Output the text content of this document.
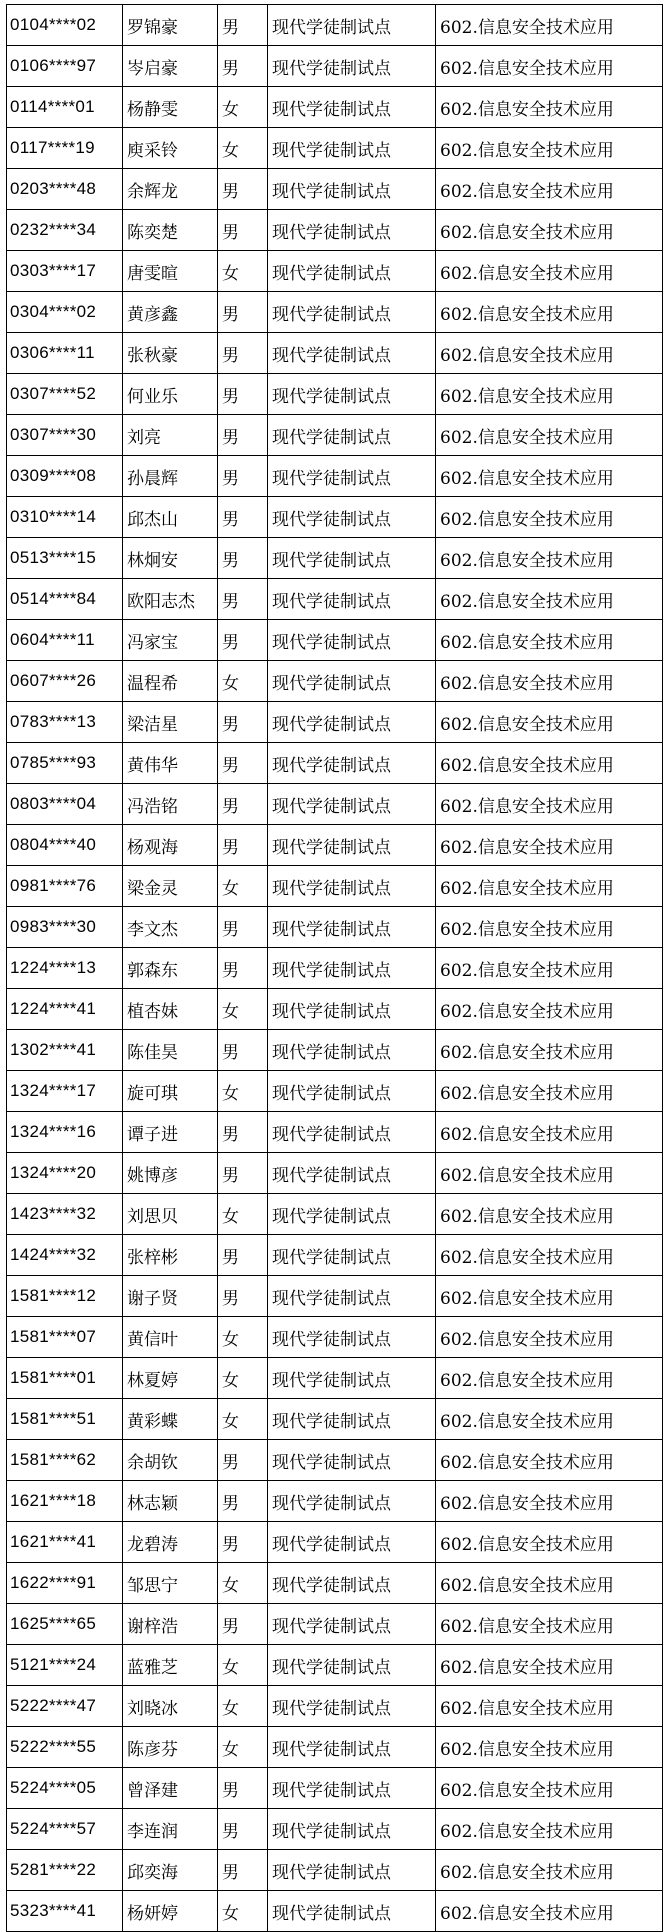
0104****02	罗锦豪	男	现代学徒制试点	602.信息安全技术应用
0106****97	岑启豪	男	现代学徒制试点	602.信息安全技术应用
0114****01	杨静雯	女	现代学徒制试点	602.信息安全技术应用
0117****19	庾采铃	女	现代学徒制试点	602.信息安全技术应用
0203****48	余辉龙	男	现代学徒制试点	602.信息安全技术应用
0232****34	陈奕楚	男	现代学徒制试点	602.信息安全技术应用
0303****17	唐雯暄	女	现代学徒制试点	602.信息安全技术应用
0304****02	黄彦鑫	男	现代学徒制试点	602.信息安全技术应用
0306****11	张秋豪	男	现代学徒制试点	602.信息安全技术应用
0307****52	何业乐	男	现代学徒制试点	602.信息安全技术应用
0307****30	刘亮	男	现代学徒制试点	602.信息安全技术应用
0309****08	孙晨辉	男	现代学徒制试点	602.信息安全技术应用
0310****14	邱杰山	男	现代学徒制试点	602.信息安全技术应用
0513****15	林炯安	男	现代学徒制试点	602.信息安全技术应用
0514****84	欧阳志杰	男	现代学徒制试点	602.信息安全技术应用
0604****11	冯家宝	男	现代学徒制试点	602.信息安全技术应用
0607****26	温程希	女	现代学徒制试点	602.信息安全技术应用
0783****13	梁洁星	男	现代学徒制试点	602.信息安全技术应用
0785****93	黄伟华	男	现代学徒制试点	602.信息安全技术应用
0803****04	冯浩铭	男	现代学徒制试点	602.信息安全技术应用
0804****40	杨观海	男	现代学徒制试点	602.信息安全技术应用
0981****76	梁金灵	女	现代学徒制试点	602.信息安全技术应用
0983****30	李文杰	男	现代学徒制试点	602.信息安全技术应用
1224****13	郭森东	男	现代学徒制试点	602.信息安全技术应用
1224****41	植杏妹	女	现代学徒制试点	602.信息安全技术应用
1302****41	陈佳昊	男	现代学徒制试点	602.信息安全技术应用
1324****17	旋可琪	女	现代学徒制试点	602.信息安全技术应用
1324****16	谭子进	男	现代学徒制试点	602.信息安全技术应用
1324****20	姚博彦	男	现代学徒制试点	602.信息安全技术应用
1423****32	刘思贝	女	现代学徒制试点	602.信息安全技术应用
1424****32	张梓彬	男	现代学徒制试点	602.信息安全技术应用
1581****12	谢子贤	男	现代学徒制试点	602.信息安全技术应用
1581****07	黄信叶	女	现代学徒制试点	602.信息安全技术应用
1581****01	林夏婷	女	现代学徒制试点	602.信息安全技术应用
1581****51	黄彩蝶	女	现代学徒制试点	602.信息安全技术应用
1581****62	余胡钦	男	现代学徒制试点	602.信息安全技术应用
1621****18	林志颖	男	现代学徒制试点	602.信息安全技术应用
1621****41	龙碧涛	男	现代学徒制试点	602.信息安全技术应用
1622****91	邹思宁	女	现代学徒制试点	602.信息安全技术应用
1625****65	谢梓浩	男	现代学徒制试点	602.信息安全技术应用
5121****24	蓝雅芝	女	现代学徒制试点	602.信息安全技术应用
5222****47	刘晓冰	女	现代学徒制试点	602.信息安全技术应用
5222****55	陈彦芬	女	现代学徒制试点	602.信息安全技术应用
5224****05	曾泽建	男	现代学徒制试点	602.信息安全技术应用
5224****57	李连润	男	现代学徒制试点	602.信息安全技术应用
5281****22	邱奕海	男	现代学徒制试点	602.信息安全技术应用
5323****41	杨妍婷	女	现代学徒制试点	602.信息安全技术应用
